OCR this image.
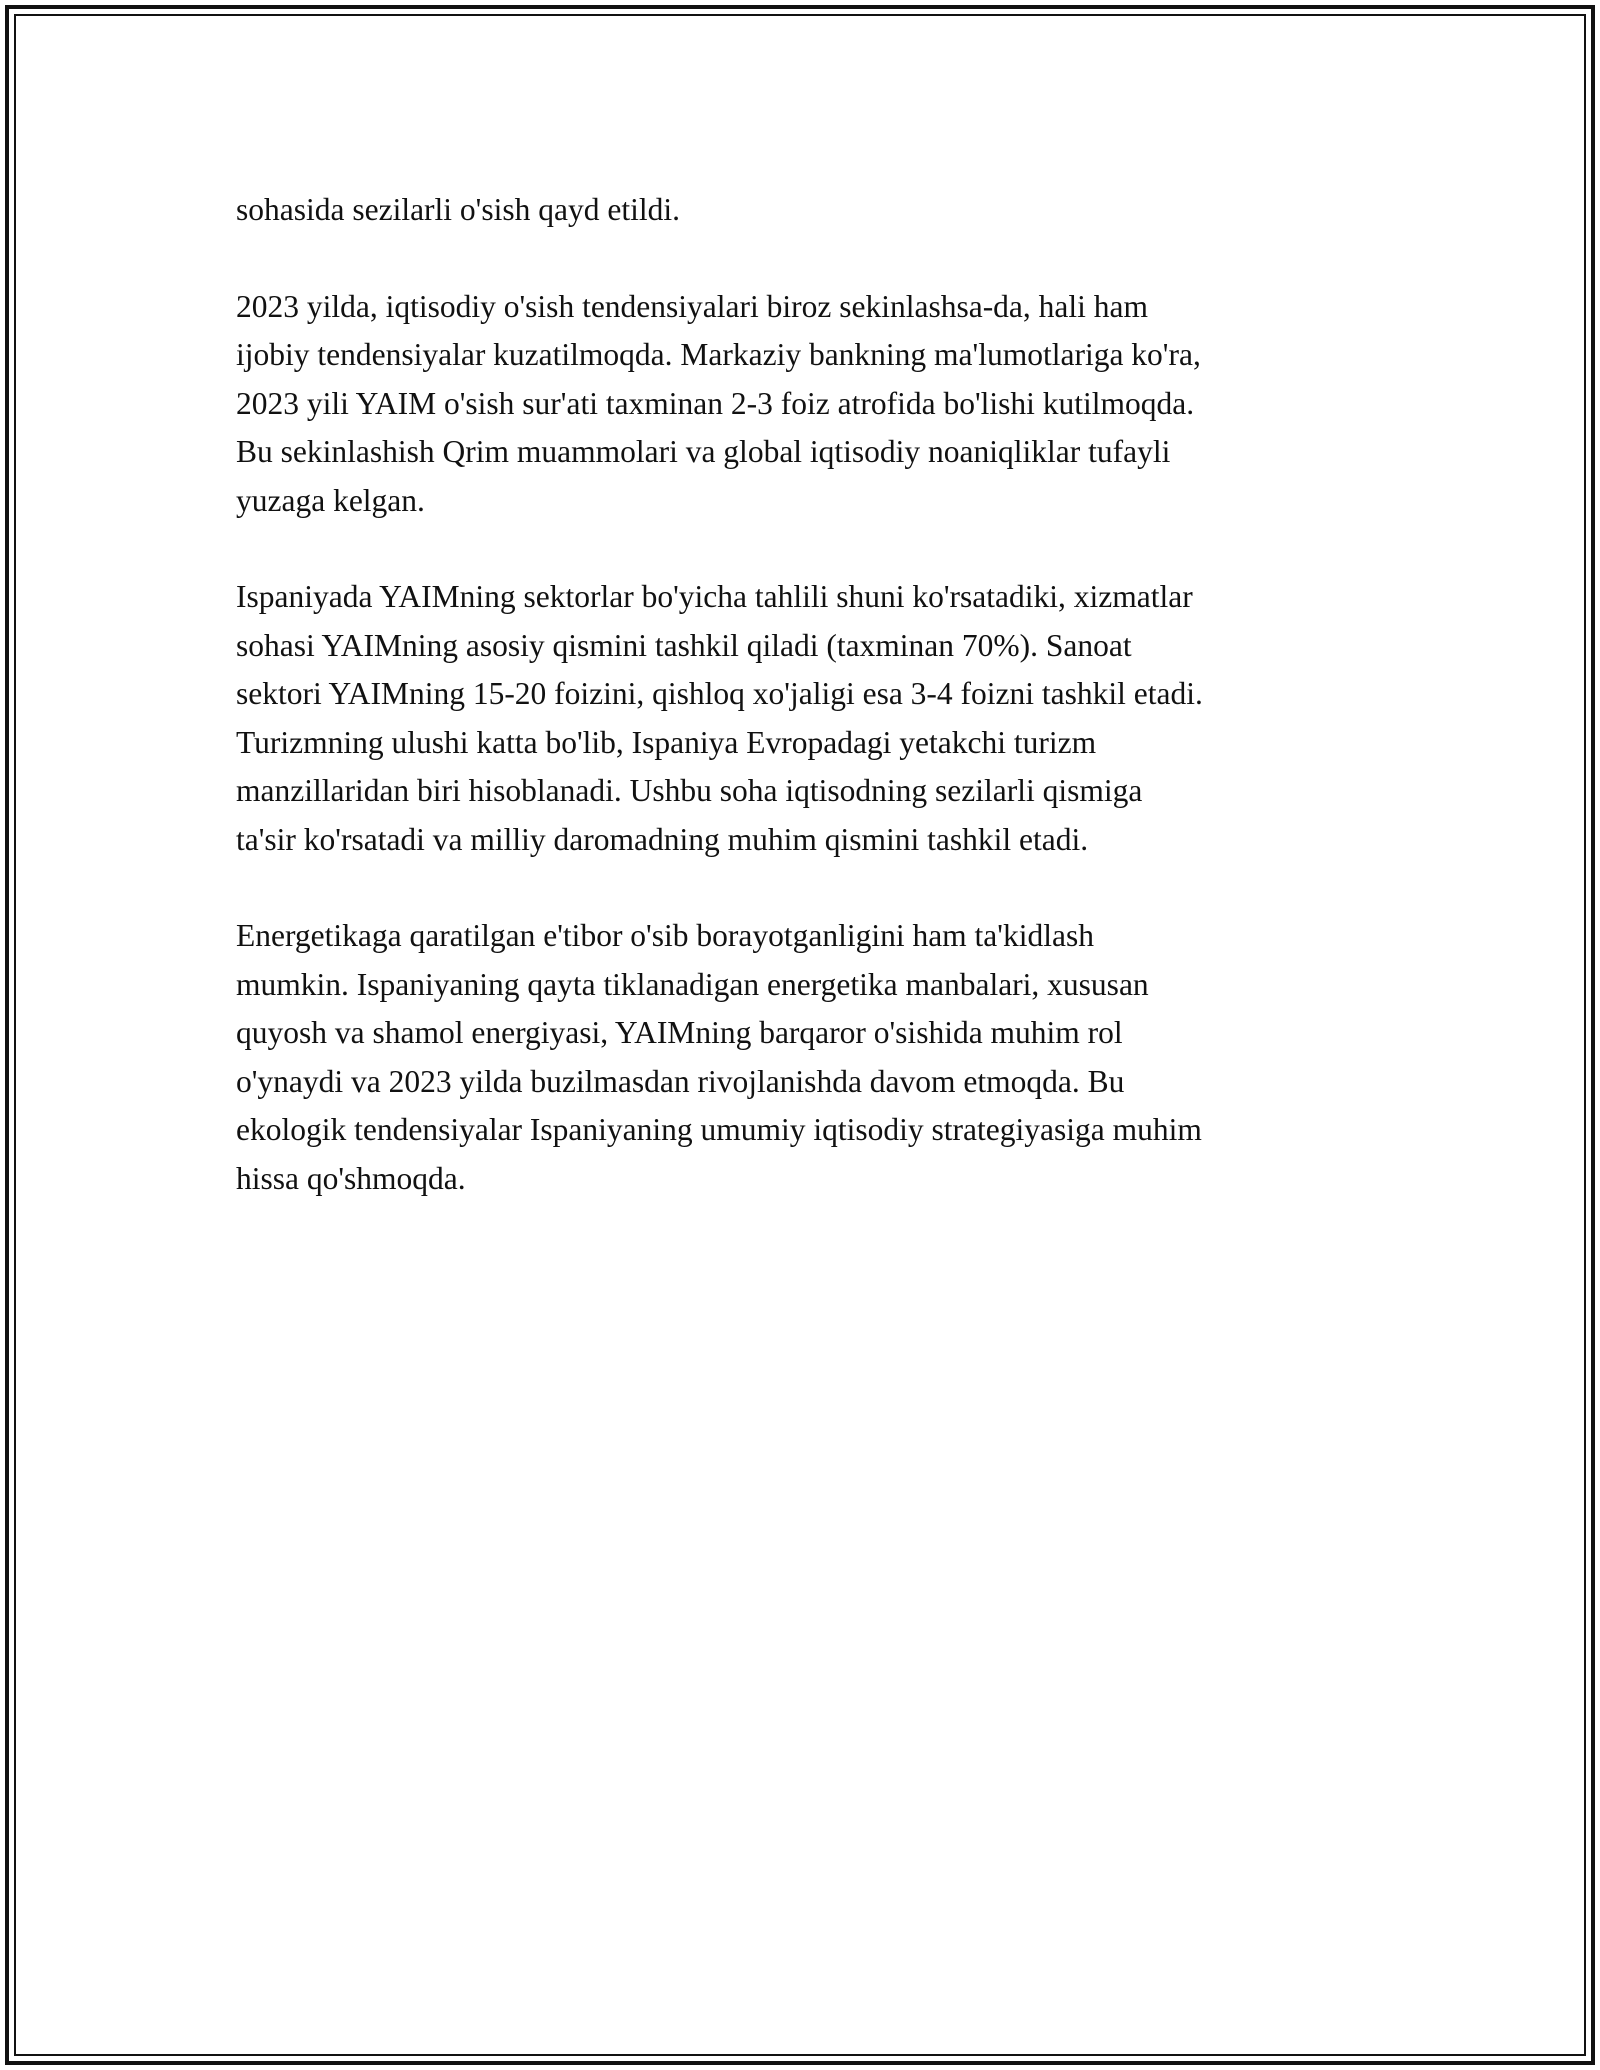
sohasida sezilarli o'sish qayd etildi.

2023 yilda, iqtisodiy o'sish tendensiyalari biroz sekinlashsa-da, hali ham
ijobiy tendensiyalar kuzatilmoqda. Markaziy bankning ma'lumotlariga ko'ra,
2023 yili YAIM o'sish sur'ati taxminan 2-3 foiz atrofida bo'lishi kutilmoqda.
Bu sekinlashish Qrim muammolari va global iqtisodiy noaniqliklar tufayli
yuzaga kelgan.

Ispaniyada YAIMning sektorlar bo'yicha tahlili shuni ko'rsatadiki, xizmatlar
sohasi YAIMning asosiy qismini tashkil qiladi (taxminan 70%). Sanoat
sektori YAIMning 15-20 foizini, qishloq xo'jaligi esa 3-4 foizni tashkil etadi.
Turizmning ulushi katta bo'lib, Ispaniya Evropadagi yetakchi turizm
manzillaridan biri hisoblanadi. Ushbu soha iqtisodning sezilarli qismiga
ta'sir ko'rsatadi va milliy daromadning muhim qismini tashkil etadi.

Energetikaga qaratilgan e'tibor o'sib borayotganligini ham ta'kidlash
mumkin. Ispaniyaning qayta tiklanadigan energetika manbalari, xususan
quyosh va shamol energiyasi, YAIMning barqaror o'sishida muhim rol
o'ynaydi va 2023 yilda buzilmasdan rivojlanishda davom etmoqda. Bu
ekologik tendensiyalar Ispaniyaning umumiy iqtisodiy strategiyasiga muhim
hissa qo'shmoqda.
